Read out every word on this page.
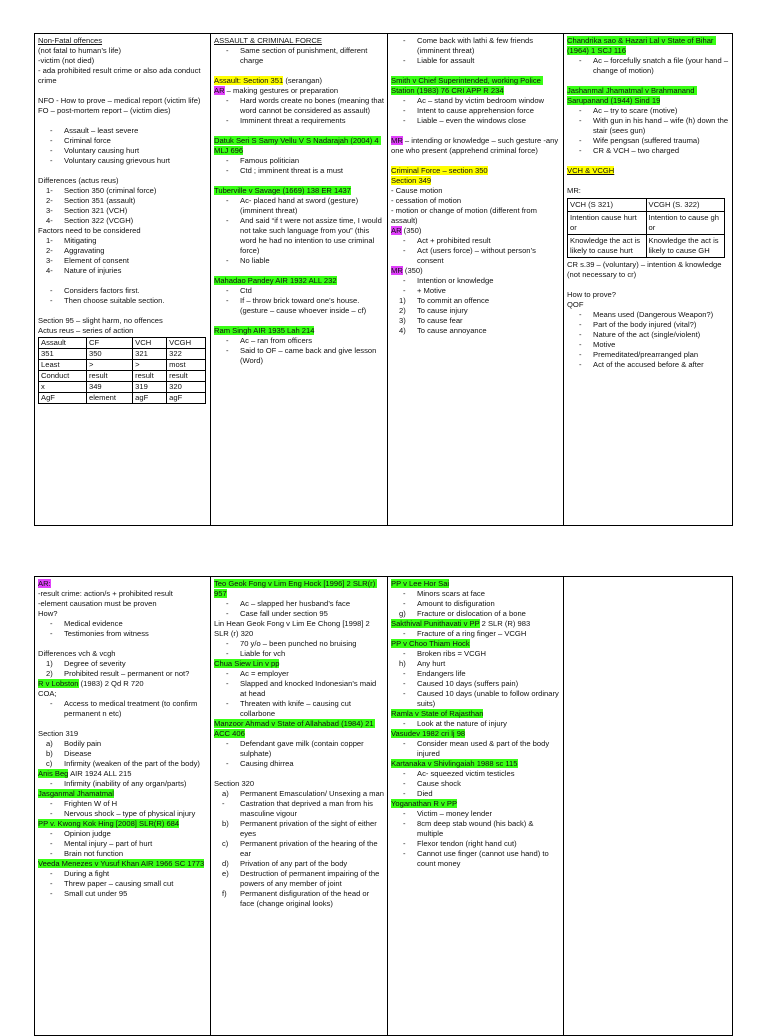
Non-Fatal offences
(not fatal to human’s life)
-victim (not died)
- ada prohibited result crime or also ada conduct crime
NFO - How to prove – medical report (victim life)
FO – post-mortem report – (victim dies)
- Assault – least severe
- Criminal force
- Voluntary causing hurt
- Voluntary causing grievous hurt
Differences (actus reus)
1- Section 350 (criminal force)
2- Section 351 (assault)
3- Section 321 (VCH)
4- Section 322 (VCGH)
Factors need to be considered
1- Mitigating
2- Aggravating
3- Element of consent
4- Nature of injuries
- Considers factors first.
- Then choose suitable section.
Section 95 – slight harm, no offences
Actus reus – series of action
Assault	CF	VCH	VCGH
351	350	321	322
Least	>	>	most
Conduct	result	result	result
x	349	319	320
AgF	element	agF	agF
ASSAULT & CRIMINAL FORCE
- Same section of punishment, different charge
Assault: Section 351 (serangan)
AR – making gestures or preparation
- Hard words create no bones (meaning that word cannot be considered as assault)
- Imminent threat a requirements
Datuk Seri S Samy Vellu V S Nadarajah (2004) 4 MLJ 696
- Famous politician
- Ctd ; imminent threat is a must
Tuberville v Savage (1669) 138 ER 1437
- Ac- placed hand at sword (gesture) (imminent threat)
- And said “if t were not assize time, I would not take such language from you” (this word he had no intention to use criminal force)
- No liable
Mahadao Pandey AIR 1932 ALL 232
- Ctd
- If – throw brick toward one’s house. (gesture – cause whoever inside – cf)
Ram Singh AIR 1935 Lah 214
- Ac – ran from officers
- Said to OF – came back and give lesson (Word)
- Come back with lathi & few friends (imminent threat)
- Liable for assault
Smith v Chief Superintended, working Police Station (1983) 76 CRI APP R 234
- Ac – stand by victim bedroom window
- Intent to cause apprehension force
- Liable – even the windows close
MR – intending or knowledge – such gesture -any one who present (apprehend criminal force)
Criminal Force – section 350
Section 349
- Cause motion
- cessation of motion
- motion or change of motion (different from assault)
AR (350)
- Act + prohibited result
- Act (users force) – without person’s consent
MR (350)
- Intention or knowledge
- + Motive
1) To commit an offence
2) To cause injury
3) To cause fear
4) To cause annoyance
Chandrika sao & Hazari Lal v State of Bihar (1964) 1 SCJ 116
- Ac – forcefully snatch a file (your hand – change of motion)
Jashanmal Jhamatmal v Brahmanand Sarupanand (1944) Sind 19
- Ac – try to scare (motive)
- With gun in his hand – wife (h) down the stair (sees gun)
- Wife pengsan (suffered trauma)
- CR & VCH – two charged
VCH & VCGH
MR:
VCH (S 321)	VCGH (S. 322)
Intention cause hurt or	Intention to cause gh or
Knowledge the act is likely to cause hurt	Knowledge the act is likely to cause GH
CR s.39 – (voluntary) – intention & knowledge (not necessary to cr)
How to prove?
QOF
- Means used (Dangerous Weapon?)
- Part of the body injured (vital?)
- Nature of the act (single/violent)
- Motive
- Premeditated/prearranged plan
- Act of the accused before & after
AR:
-result crime: action/s + prohibited result
-element causation must be proven
How?
- Medical evidence
- Testimonies from witness
Differences vch & vcgh
1) Degree of severity
2) Prohibited result – permanent or not?
R v Lobston (1983) 2 Qd R 720
COA;
- Access to medical treatment (to confirm permanent n etc)
Section 319
a) Bodily pain
b) Disease
c) Infirmity (weaken of the part of the body)
Anis Beg AIR 1924 ALL 215
- Infirmity (inability of any organ/parts)
Jasganmal Jhamatmal
- Frighten W of H
- Nervous shock – type of physical injury
PP v. Kwong Kok Hing [2008] SLR(R) 684
- Opinion judge
- Mental injury – part of hurt
- Brain not function
Veeda Menezes v Yusuf Khan AIR 1966 SC 1773
- During a fight
- Threw paper – causing small cut
- Small cut under 95
Teo Geok Fong v Lim Eng Hock [1996] 2 SLR(r) 957
- Ac – slapped her husband’s face
- Case fall under section 95
Lin Hean Geok Fong v Lim Ee Chong [1998] 2 SLR (r) 320
- 70 y/o – been punched no bruising
- Liable for vch
Chua Siew Lin v pp
- Ac = employer
- Slapped and knocked Indonesian’s maid at head
- Threaten with knife – causing cut collarbone
Manzoor Ahmad v State of Allahabad (1984) 21 ACC 406
- Defendant gave milk (contain copper sulphate)
- Causing dhirrea
Section 320
a) Permanent Emasculation/ Unsexing a man
- Castration that deprived a man from his masculine vigour
b) Permanent privation of the sight of either eyes
c) Permanent privation of the hearing of the ear
d) Privation of any part of the body
e) Destruction of permanent impairing of the powers of any member of joint
f) Permanent disfiguration of the head or face (change original looks)
PP v Lee Hor Sai
- Minors scars at face
- Amount to disfiguration
g) Fracture or dislocation of a bone
Sakthival Punithavati v PP 2 SLR (R) 983
- Fracture of a ring finger – VCGH
PP v Choo Thiam Hock
- Broken ribs = VCGH
h) Any hurt
- Endangers life
- Caused 10 days (suffers pain)
- Caused 10 days (unable to follow ordinary suits)
Ramla v State of Rajasthan
- Look at the nature of injury
Vasudev 1982 cri lj 98
- Consider mean used & part of the body injured
Kartanaka v Shivlingaiah 1988 sc 115
- Ac- squeezed victim testicles
- Cause shock
- Died
Yoganathan R v PP
- Victim – money lender
- 8cm deep stab wound (his back) & multiple
- Flexor tendon (right hand cut)
- Cannot use finger (cannot use hand) to count money
